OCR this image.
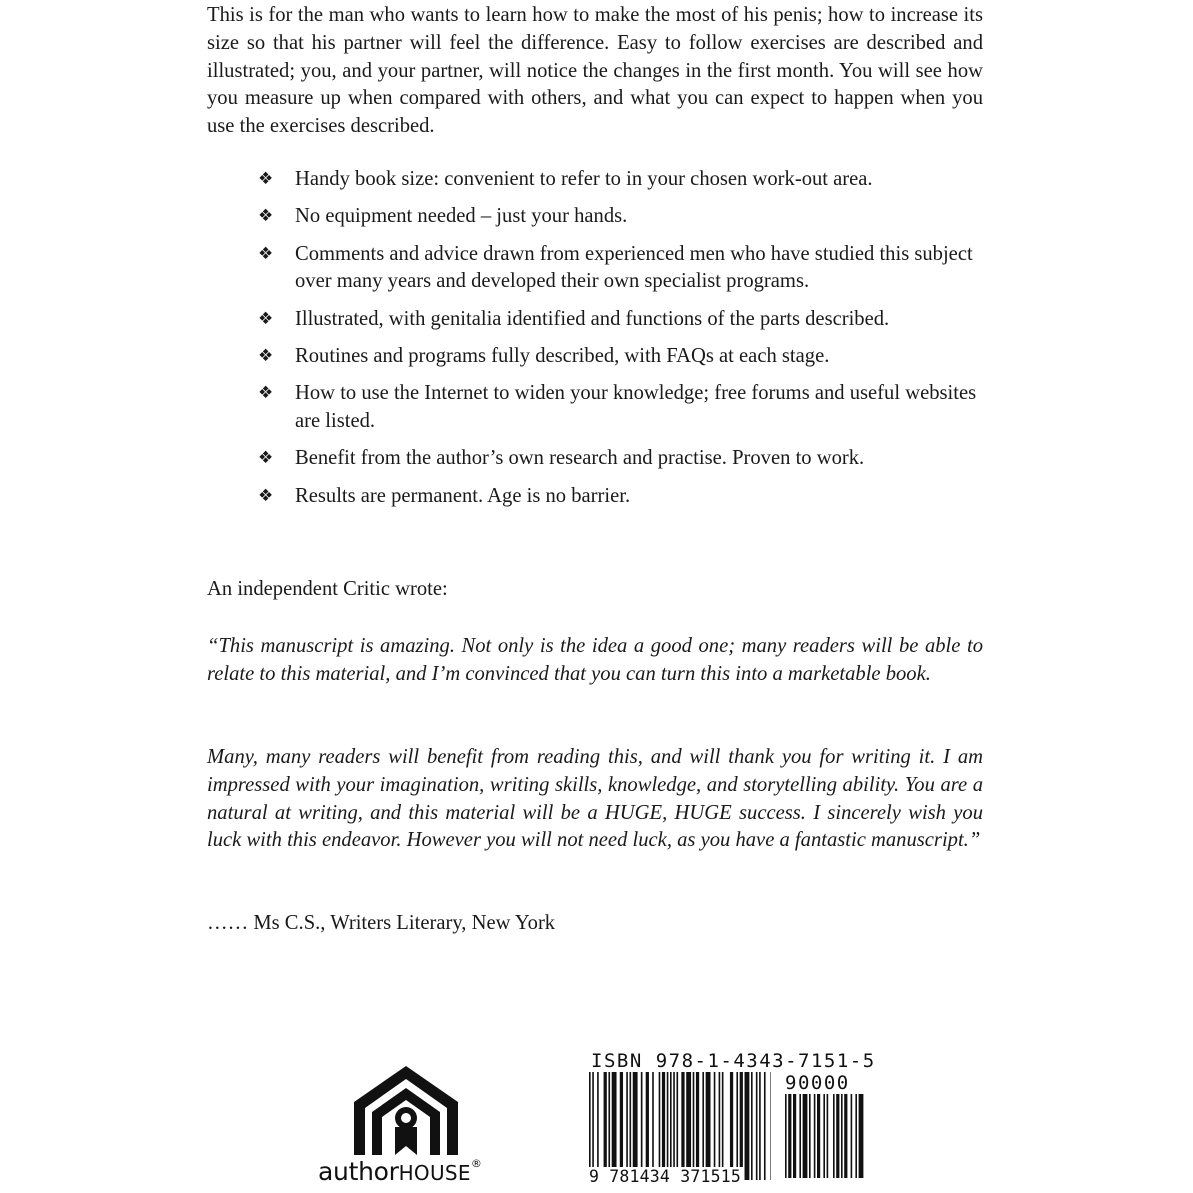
This is for the man who wants to learn how to make the most of his penis; how to increase its size so that his partner will feel the difference. Easy to follow exercises are described and illustrated; you, and your partner, will notice the changes in the first month. You will see how you measure up when compared with others, and what you can expect to happen when you use the exercises described.

❖ Handy book size: convenient to refer to in your chosen work-out area.
❖ No equipment needed – just your hands.
❖ Comments and advice drawn from experienced men who have studied this subject over many years and developed their own specialist programs.
❖ Illustrated, with genitalia identified and functions of the parts described.
❖ Routines and programs fully described, with FAQs at each stage.
❖ How to use the Internet to widen your knowledge; free forums and useful websites are listed.
❖ Benefit from the author’s own research and practise. Proven to work.
❖ Results are permanent. Age is no barrier.

An independent Critic wrote:

“This manuscript is amazing. Not only is the idea a good one; many readers will be able to relate to this material, and I’m convinced that you can turn this into a marketable book.

Many, many readers will benefit from reading this, and will thank you for writing it. I am impressed with your imagination, writing skills, knowledge, and storytelling ability. You are a natural at writing, and this material will be a HUGE, HUGE success. I sincerely wish you luck with this endeavor. However you will not need luck, as you have a fantastic manuscript.”

…… Ms C.S., Writers Literary, New York

authorHOUSE®
ISBN 978-1-4343-7151-5
90000
9 781434 371515
